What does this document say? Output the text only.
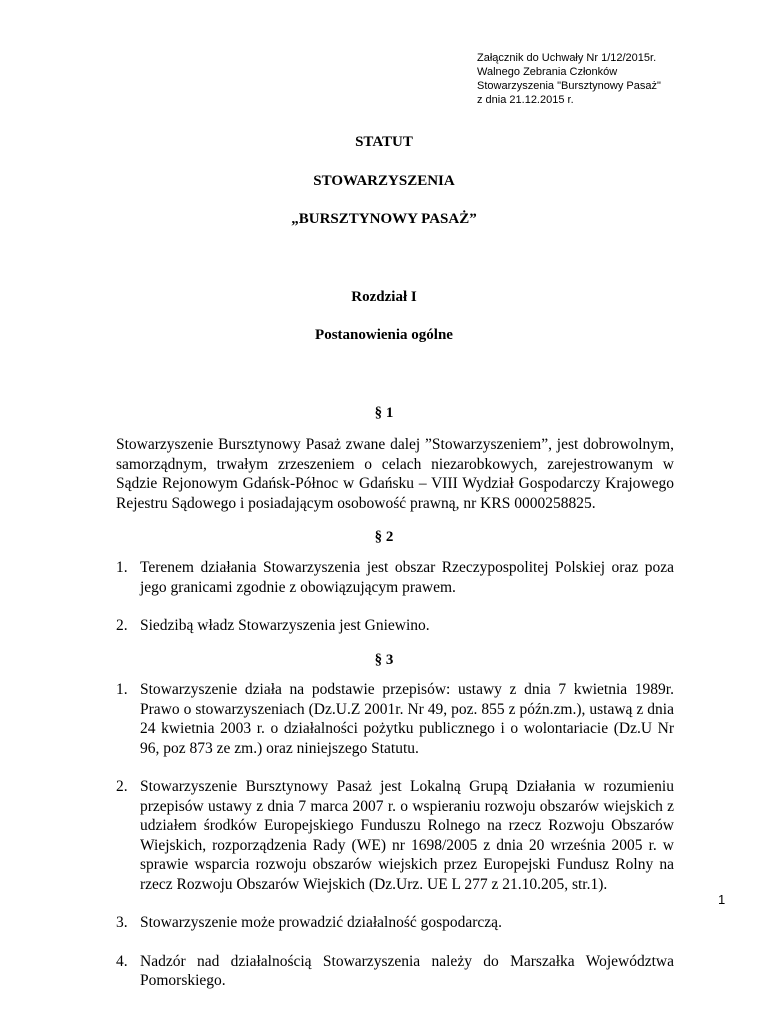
Załącznik do Uchwały Nr 1/12/2015r.
Walnego Zebrania Członków
Stowarzyszenia "Bursztynowy Pasaż"
z dnia 21.12.2015 r.

STATUT

STOWARZYSZENIA

„BURSZTYNOWY PASAŻ”

Rozdział I

Postanowienia ogólne

§ 1

Stowarzyszenie Bursztynowy Pasaż zwane dalej ”Stowarzyszeniem”, jest dobrowolnym, samorządnym, trwałym zrzeszeniem o celach niezarobkowych, zarejestrowanym w Sądzie Rejonowym Gdańsk-Północ w Gdańsku – VIII Wydział Gospodarczy Krajowego Rejestru Sądowego i posiadającym osobowość prawną, nr KRS 0000258825.

§ 2

1. Terenem działania Stowarzyszenia jest obszar Rzeczypospolitej Polskiej oraz poza jego granicami zgodnie z obowiązującym prawem.
2. Siedzibą władz Stowarzyszenia jest Gniewino.

§ 3

1. Stowarzyszenie działa na podstawie przepisów: ustawy z dnia 7 kwietnia 1989r. Prawo o stowarzyszeniach (Dz.U.Z 2001r. Nr 49, poz. 855 z późn.zm.), ustawą z dnia 24 kwietnia 2003 r. o działalności pożytku publicznego i o wolontariacie (Dz.U Nr 96, poz 873 ze zm.) oraz niniejszego Statutu.
2. Stowarzyszenie Bursztynowy Pasaż jest Lokalną Grupą Działania w rozumieniu przepisów ustawy z dnia 7 marca 2007 r. o wspieraniu rozwoju obszarów wiejskich z udziałem środków Europejskiego Funduszu Rolnego na rzecz Rozwoju Obszarów Wiejskich, rozporządzenia Rady (WE) nr 1698/2005 z dnia 20 września 2005 r. w sprawie wsparcia rozwoju obszarów wiejskich przez Europejski Fundusz Rolny na rzecz Rozwoju Obszarów Wiejskich (Dz.Urz. UE L 277 z 21.10.205, str.1).
3. Stowarzyszenie może prowadzić działalność gospodarczą.
4. Nadzór nad działalnością Stowarzyszenia należy do Marszałka Województwa Pomorskiego.
1
